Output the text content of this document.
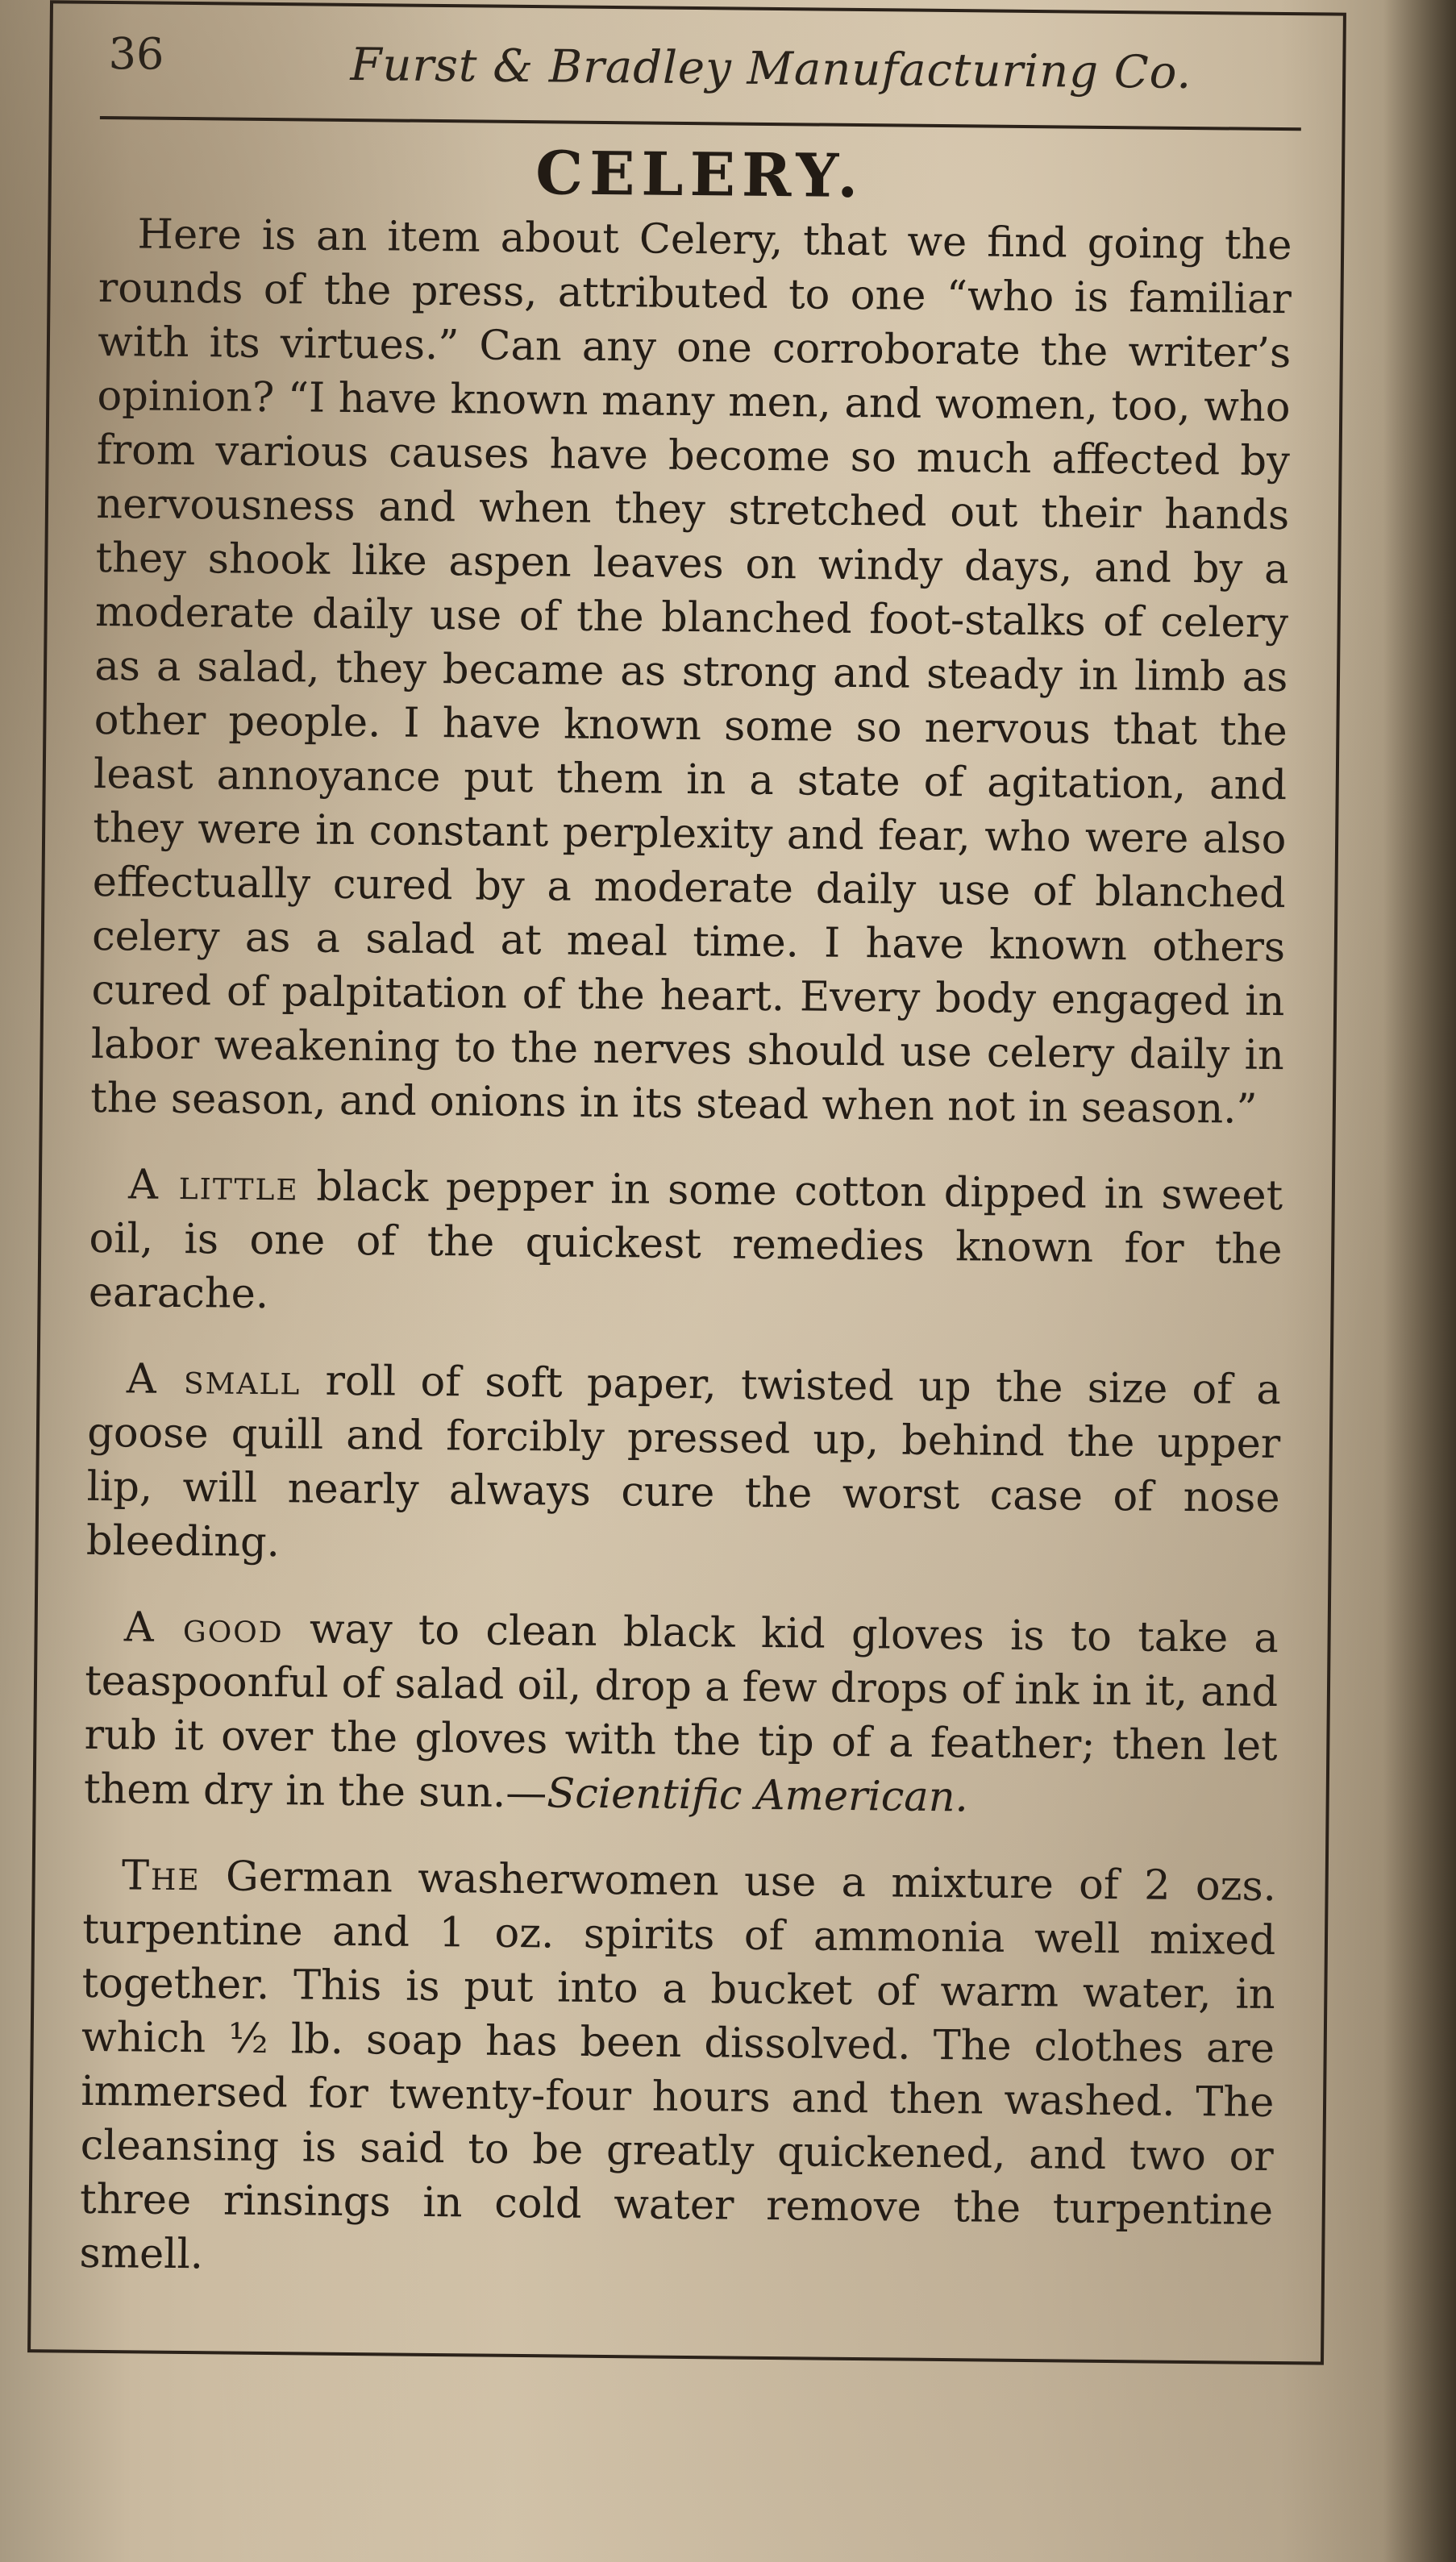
36	Furst & Bradley Manufacturing Co.
CELERY.

Here is an item about Celery, that we find going the rounds of the press, attributed to one “who is familiar with its virtues.” Can any one corroborate the writer’s opinion? “I have known many men, and women, too, who from various causes have become so much affected by nervousness and when they stretched out their hands they shook like aspen leaves on windy days, and by a moderate daily use of the blanched foot-stalks of celery as a salad, they became as strong and steady in limb as other people. I have known some so nervous that the least annoyance put them in a state of agitation, and they were in constant perplexity and fear, who were also effectually cured by a moderate daily use of blanched celery as a salad at meal time. I have known others cured of palpitation of the heart. Every body engaged in labor weakening to the nerves should use celery daily in the season, and onions in its stead when not in season.”

A little black pepper in some cotton dipped in sweet oil, is one of the quickest remedies known for the earache.

A small roll of soft paper, twisted up the size of a goose quill and forcibly pressed up, behind the upper lip, will nearly always cure the worst case of nose bleeding.

A good way to clean black kid gloves is to take a teaspoonful of salad oil, drop a few drops of ink in it, and rub it over the gloves with the tip of a feather; then let them dry in the sun.—Scientific American.

The German washerwomen use a mixture of 2 ozs. turpentine and 1 oz. spirits of ammonia well mixed together. This is put into a bucket of warm water, in which ½ lb. soap has been dissolved. The clothes are immersed for twenty-four hours and then washed. The cleansing is said to be greatly quickened, and two or three rinsings in cold water remove the turpentine smell.
